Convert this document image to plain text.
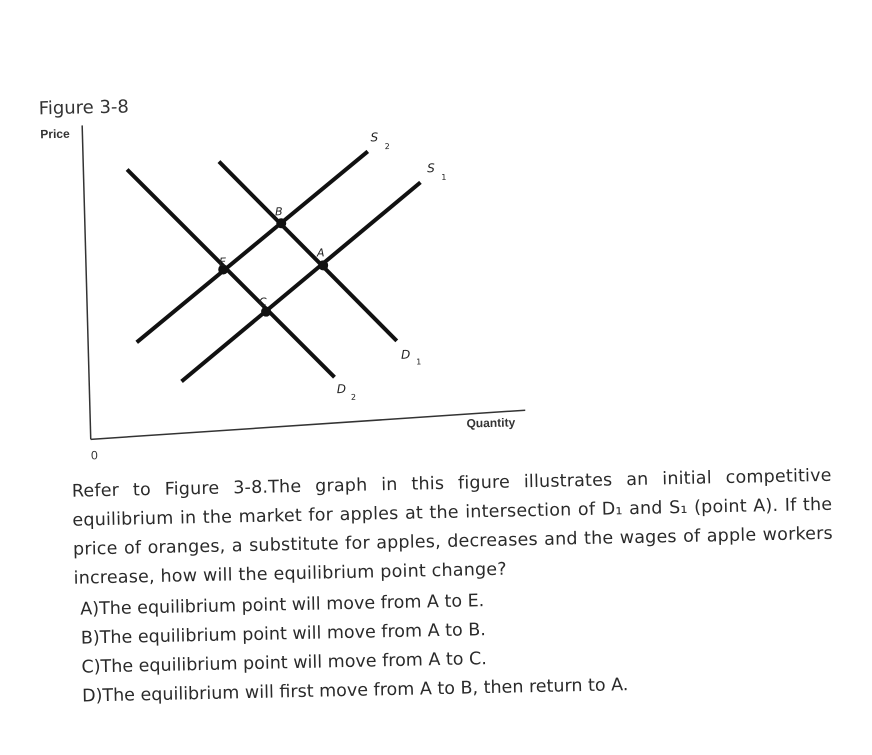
Figure 3-8
Price
Quantity
0
B
E
A
C
S
2
S
1
D
1
D
2

Refer to Figure 3-8.The graph in this figure illustrates an initial competitive equilibrium in the market for apples at the intersection of D₁ and S₁ (point A). If the price of oranges, a substitute for apples, decreases and the wages of apple workers increase, how will the equilibrium point change?

A)The equilibrium point will move from A to E.
B)The equilibrium point will move from A to B.
C)The equilibrium point will move from A to C.
D)The equilibrium will first move from A to B, then return to A.
